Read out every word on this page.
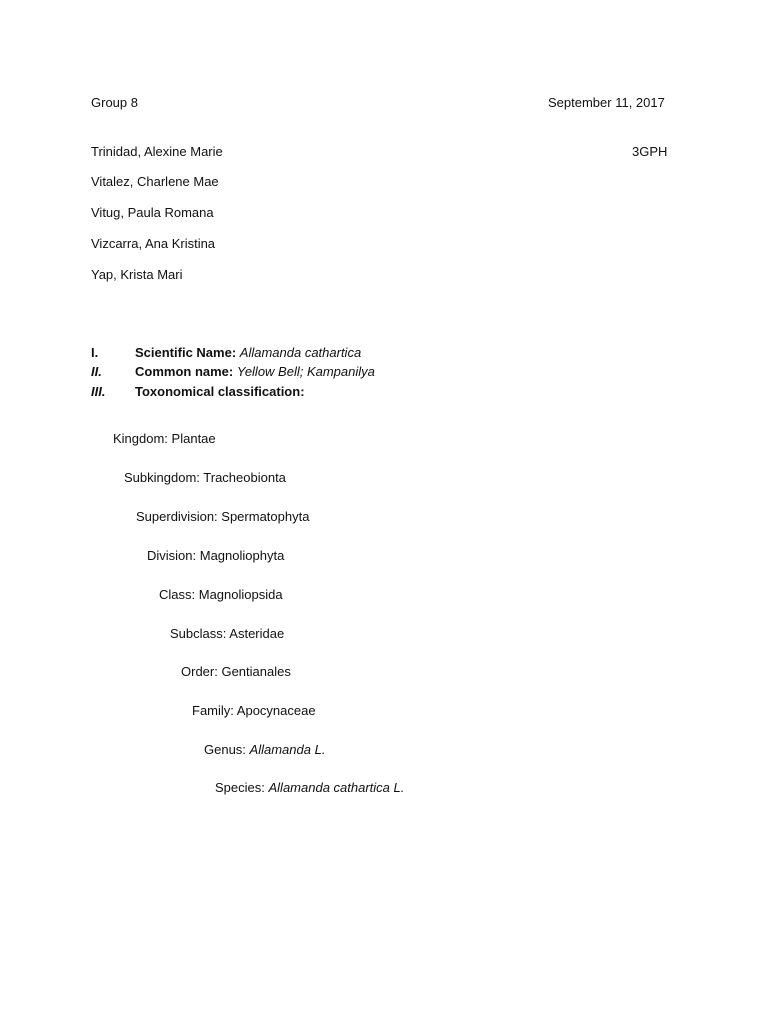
Group 8	September 11, 2017
3GPH
Trinidad, Alexine Marie
Vitalez, Charlene Mae
Vitug, Paula Romana
Vizcarra, Ana Kristina
Yap, Krista Mari
I.	Scientific Name: Allamanda cathartica
II.	Common name: Yellow Bell; Kampanilya
III. Toxonomical classification:
Kingdom: Plantae
Subkingdom: Tracheobionta
Superdivision: Spermatophyta
Division: Magnoliophyta
Class: Magnoliopsida
Subclass: Asteridae
Order: Gentianales
Family: Apocynaceae
Genus: Allamanda L.
Species: Allamanda cathartica L.
